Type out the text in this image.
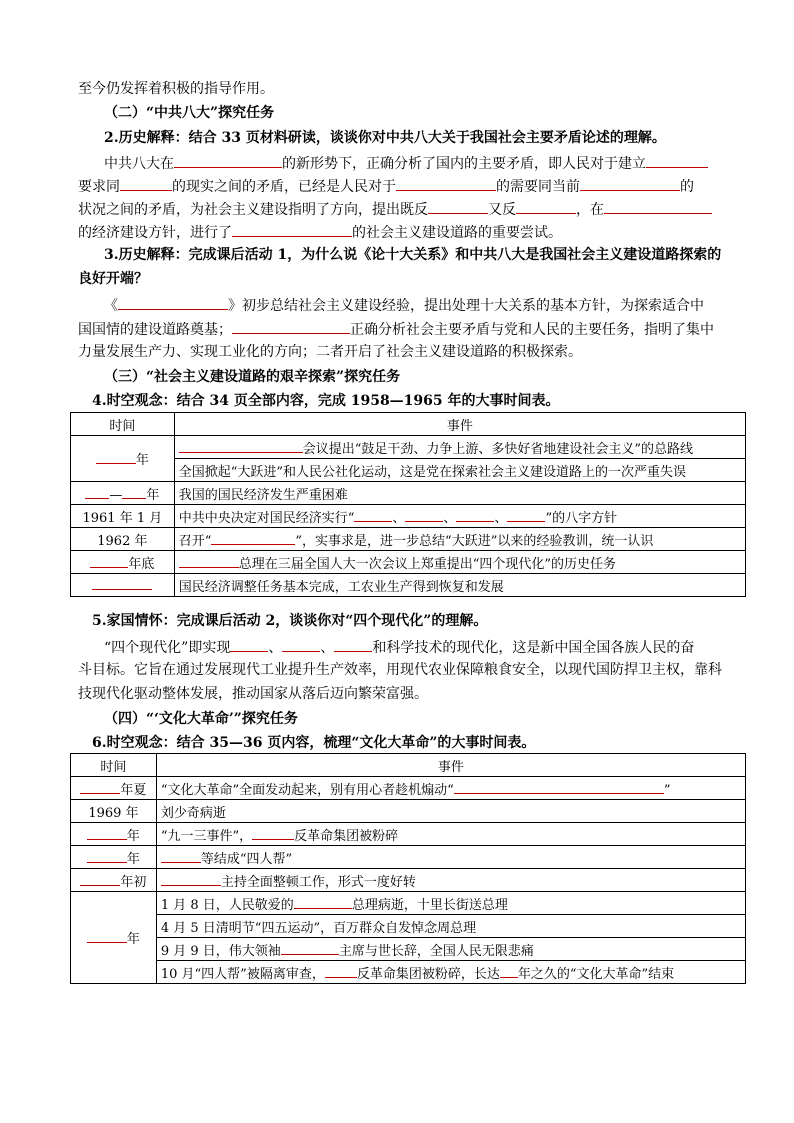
至今仍发挥着积极的指导作用。
（二）“中共八大”探究任务
2.历史解释：结合 33 页材料研读，谈谈你对中共八大关于我国社会主要矛盾论述的理解。
中共八大在	的新形势下，正确分析了国内的主要矛盾，即人民对于建立
要求同	的现实之间的矛盾，已经是人民对于	的需要同当前	的
状况之间的矛盾，为社会主义建设指明了方向，提出既反	又反	，在
的经济建设方针，进行了	的社会主义建设道路的重要尝试。
3.历史解释：完成课后活动 1，为什么说《论十大关系》和中共八大是我国社会主义建设道路探索的
良好开端？
《	》初步总结社会主义建设经验，提出处理十大关系的基本方针，为探索适合中
国国情的建设道路奠基；	正确分析社会主要矛盾与党和人民的主要任务，指明了集中
力量发展生产力、实现工业化的方向；二者开启了社会主义建设道路的积极探索。
（三）“社会主义建设道路的艰辛探索”探究任务
4.时空观念：结合 34 页全部内容，完成 1958—1965 年的大事时间表。
时间	事件
年	会议提出“鼓足干劲、力争上游、多快好省地建设社会主义”的总路线
	全国掀起“大跃进”和人民公社化运动，这是党在探索社会主义建设道路上的一次严重失误
— 年	我国的国民经济发生严重困难
1961 年 1 月	中共中央决定对国民经济实行“ 、 、 、 ”的八字方针
1962 年	召开“ ”，实事求是，进一步总结“大跃进”以来的经验教训，统一认识
年底	总理在三届全国人大一次会议上郑重提出“四个现代化”的历史任务
	国民经济调整任务基本完成，工农业生产得到恢复和发展
5.家国情怀：完成课后活动 2，谈谈你对“四个现代化”的理解。
“四个现代化”即实现	、	、	和科学技术的现代化，这是新中国全国各族人民的奋
斗目标。它旨在通过发展现代工业提升生产效率，用现代农业保障粮食安全，以现代国防捍卫主权，靠科
技现代化驱动整体发展，推动国家从落后迈向繁荣富强。
（四）“‘文化大革命’”探究任务
6.时空观念：结合 35—36 页内容，梳理“文化大革命”的大事时间表。
时间	事件
年夏	“文化大革命”全面发动起来，别有用心者趁机煽动“ ”
1969 年	刘少奇病逝
年	“九一三事件”， 反革命集团被粉碎
年	等结成“四人帮”
年初	主持全面整顿工作，形式一度好转
年	1 月 8 日，人民敬爱的 总理病逝，十里长街送总理
	4 月 5 日清明节“四五运动”，百万群众自发悼念周总理
	9 月 9 日，伟大领袖 主席与世长辞，全国人民无限悲痛
	10 月“四人帮”被隔离审查， 反革命集团被粉碎，长达 年之久的“文化大革命”结束
